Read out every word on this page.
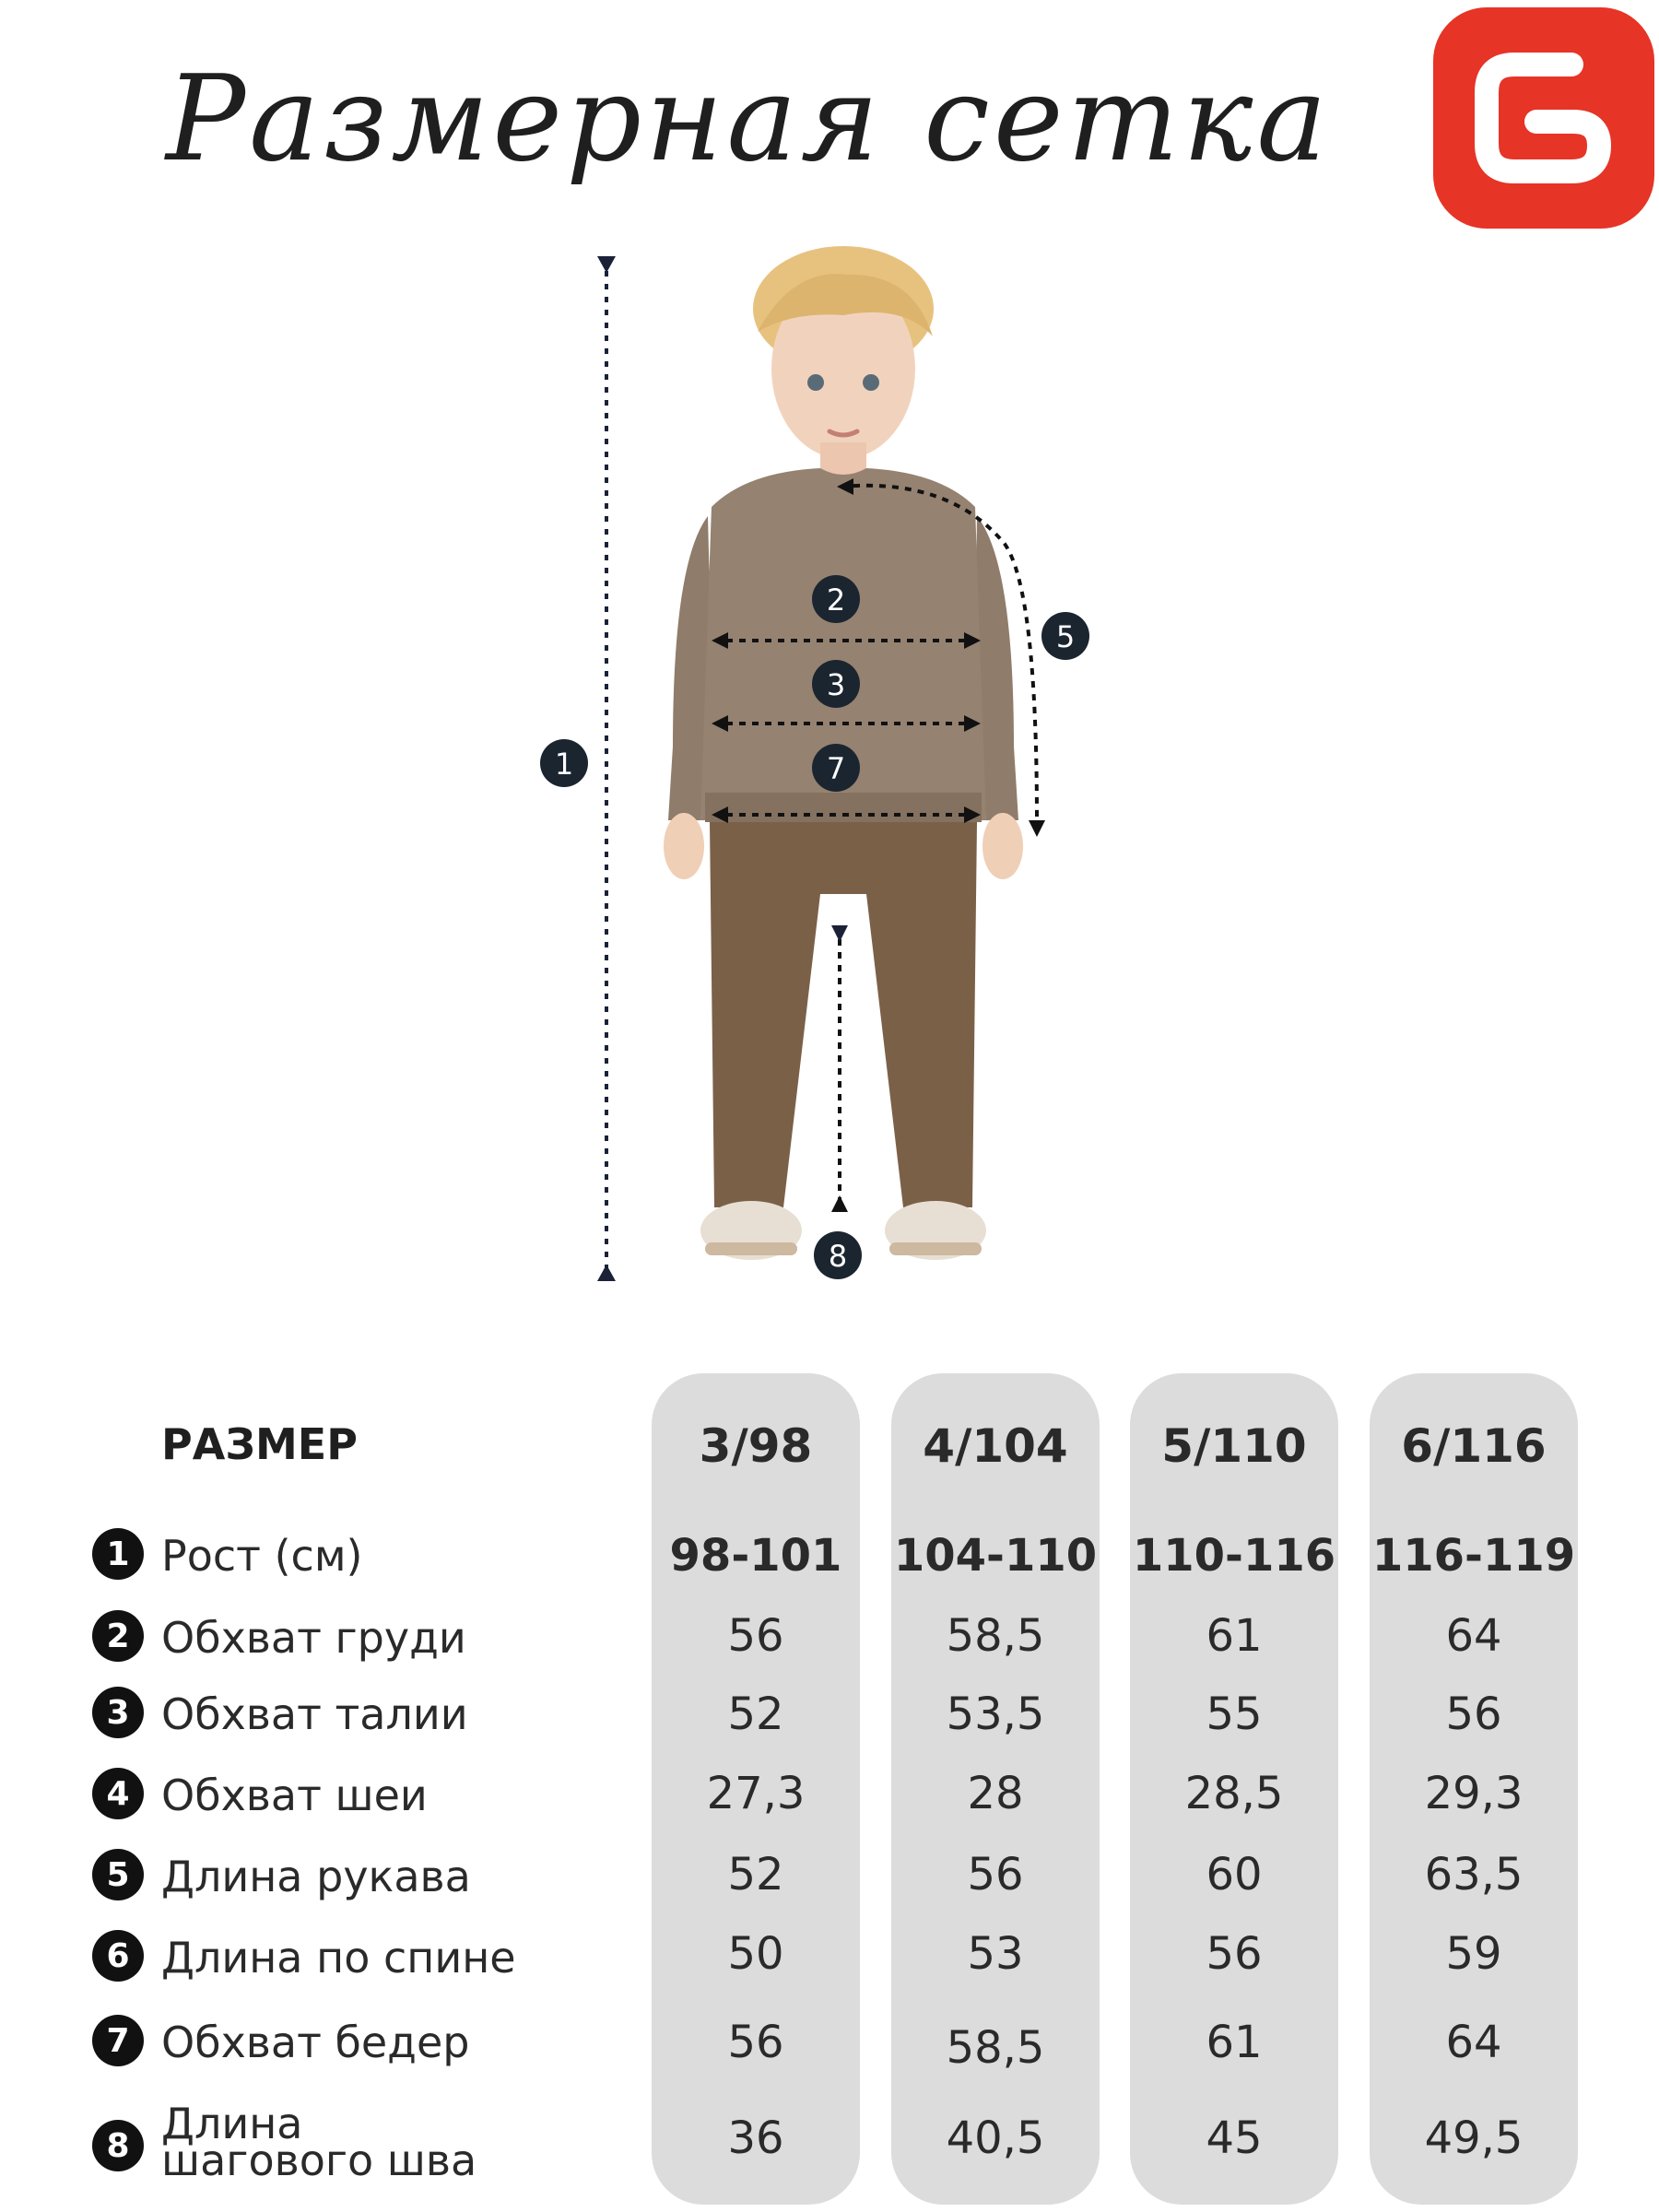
Размерная сетка
1
2
3
7
5
8
РАЗМЕР	3/98	4/104	5/110	6/116
1 Рост (см)	98-101	104-110 110-116 116-119
2 Обхват груди	56	58,5	61	64
3 Обхват талии	52	53,5	55	56
4 Обхват шеи	27,3	28	28,5	29,3
5 Длина рукава	52	56	60	63,5
6 Длина по спине	50	53	56	59
7 Обхват бедер	56	58,5	61	64
8 Длина
шагового шва	36	40,5	45	49,5
